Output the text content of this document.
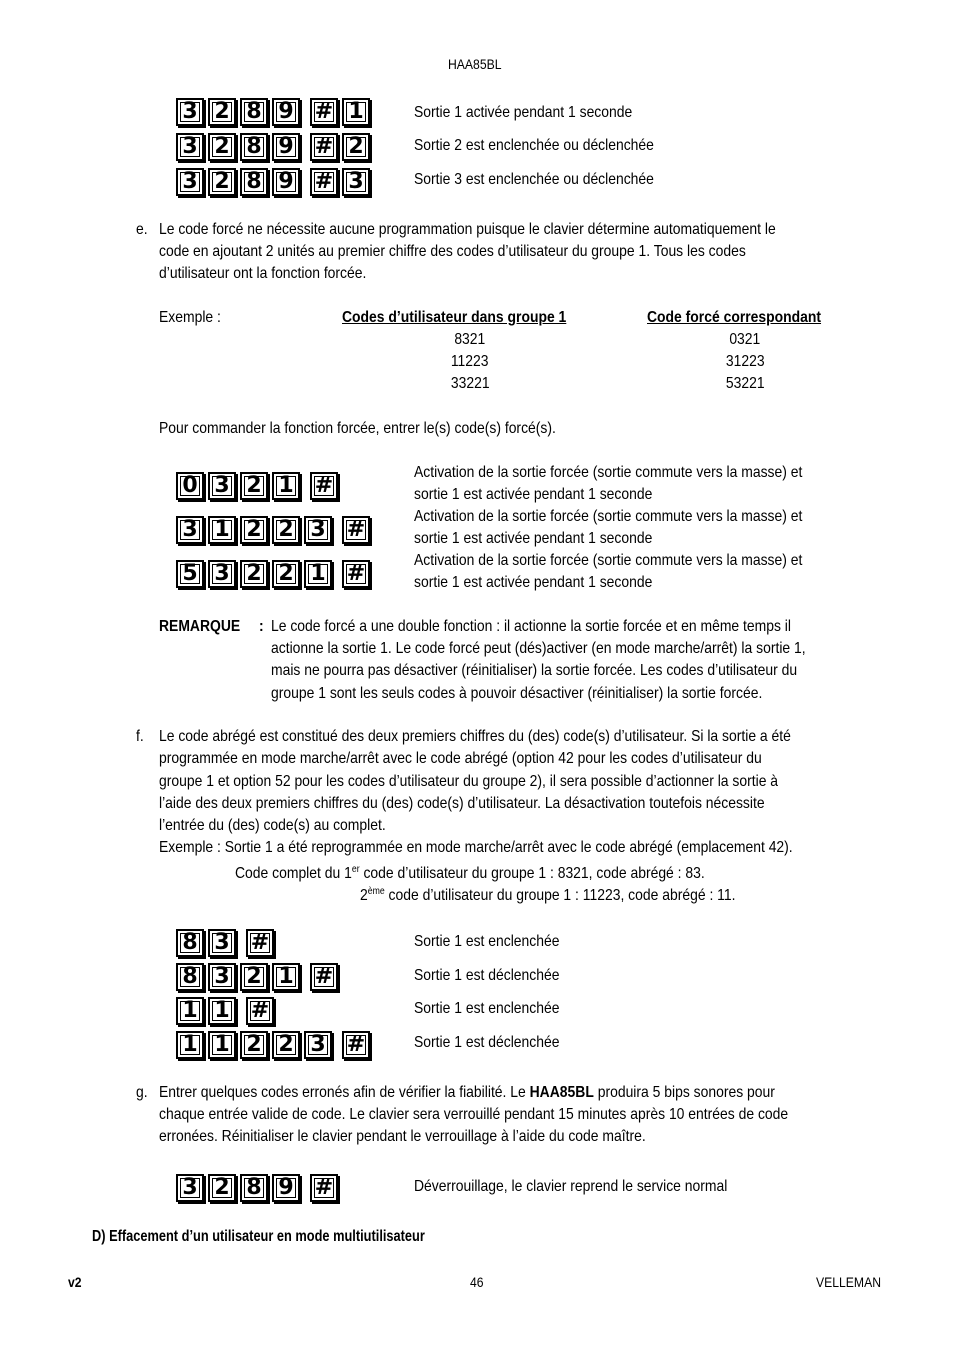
HAA85BL
3 2 8 9 # 1	Sortie 1 activée pendant 1 seconde
3 2 8 9 # 2	Sortie 2 est enclenchée ou déclenchée
3 2 8 9 # 3	Sortie 3 est enclenchée ou déclenchée
e. Le code forcé ne nécessite aucune programmation puisque le clavier détermine automatiquement le
code en ajoutant 2 unités au premier chiffre des codes d’utilisateur du groupe 1. Tous les codes
d’utilisateur ont la fonction forcée.
Exemple :	Codes d’utilisateur dans groupe 1	Code forcé correspondant
8321	0321
11223	31223
33221	53221
Pour commander la fonction forcée, entrer le(s) code(s) forcé(s).
0 3 2 1 #
Activation de la sortie forcée (sortie commute vers la masse) et
sortie 1 est activée pendant 1 seconde
3 1 2 2 3 #
Activation de la sortie forcée (sortie commute vers la masse) et
sortie 1 est activée pendant 1 seconde
5 3 2 2 1 #
Activation de la sortie forcée (sortie commute vers la masse) et
sortie 1 est activée pendant 1 seconde
REMARQUE : Le code forcé a une double fonction : il actionne la sortie forcée et en même temps il
actionne la sortie 1. Le code forcé peut (dés)activer (en mode marche/arrêt) la sortie 1,
mais ne pourra pas désactiver (réinitialiser) la sortie forcée. Les codes d’utilisateur du
groupe 1 sont les seuls codes à pouvoir désactiver (réinitialiser) la sortie forcée.
f. Le code abrégé est constitué des deux premiers chiffres du (des) code(s) d’utilisateur. Si la sortie a été
programmée en mode marche/arrêt avec le code abrégé (option 42 pour les codes d’utilisateur du
groupe 1 et option 52 pour les codes d’utilisateur du groupe 2), il sera possible d’actionner la sortie à
l’aide des deux premiers chiffres du (des) code(s) d’utilisateur. La désactivation toutefois nécessite
l’entrée du (des) code(s) au complet.
Exemple : Sortie 1 a été reprogrammée en mode marche/arrêt avec le code abrégé (emplacement 42).
Code complet du 1er code d’utilisateur du groupe 1 : 8321, code abrégé : 83.
2ème code d’utilisateur du groupe 1 : 11223, code abrégé : 11.
8 3 #	Sortie 1 est enclenchée
8 3 2 1 #	Sortie 1 est déclenchée
1 1 #	Sortie 1 est enclenchée
1 1 2 2 3 #	Sortie 1 est déclenchée
g. Entrer quelques codes erronés afin de vérifier la fiabilité. Le HAA85BL produira 5 bips sonores pour
chaque entrée valide de code. Le clavier sera verrouillé pendant 15 minutes après 10 entrées de code
erronées. Réinitialiser le clavier pendant le verrouillage à l’aide du code maître.
3 2 8 9 #	Déverrouillage, le clavier reprend le service normal
D) Effacement d’un utilisateur en mode multiutilisateur
v2	46	VELLEMAN
